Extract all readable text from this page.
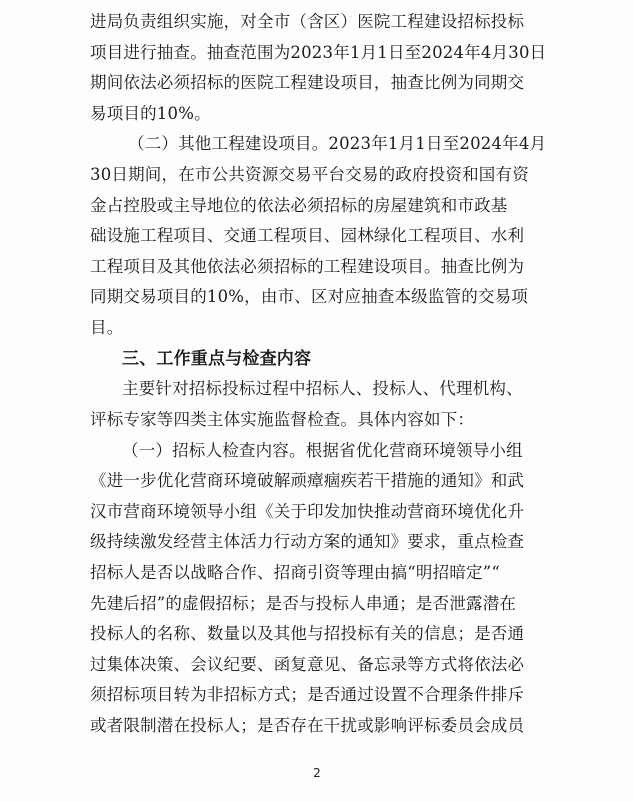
进局负责组织实施，对全市（含区）医院工程建设招标投标
项目进行抽查。抽查范围为2023年1月1日至2024年4月30日
期间依法必须招标的医院工程建设项目，抽查比例为同期交
易项目的10%。
（二）其他工程建设项目。2023年1月1日至2024年4月
30日期间，在市公共资源交易平台交易的政府投资和国有资
金占控股或主导地位的依法必须招标的房屋建筑和市政基
础设施工程项目、交通工程项目、园林绿化工程项目、水利
工程项目及其他依法必须招标的工程建设项目。抽查比例为
同期交易项目的10%，由市、区对应抽查本级监管的交易项
目。
三、工作重点与检查内容
主要针对招标投标过程中招标人、投标人、代理机构、
评标专家等四类主体实施监督检查。具体内容如下：
（一）招标人检查内容。根据省优化营商环境领导小组
《进一步优化营商环境破解顽瘴痼疾若干措施的通知》和武
汉市营商环境领导小组《关于印发加快推动营商环境优化升
级持续激发经营主体活力行动方案的通知》要求，重点检查
招标人是否以战略合作、招商引资等理由搞“明招暗定”“
先建后招”的虚假招标；是否与投标人串通；是否泄露潜在
投标人的名称、数量以及其他与招投标有关的信息；是否通
过集体决策、会议纪要、函复意见、备忘录等方式将依法必
须招标项目转为非招标方式；是否通过设置不合理条件排斥
或者限制潜在投标人；是否存在干扰或影响评标委员会成员
2
